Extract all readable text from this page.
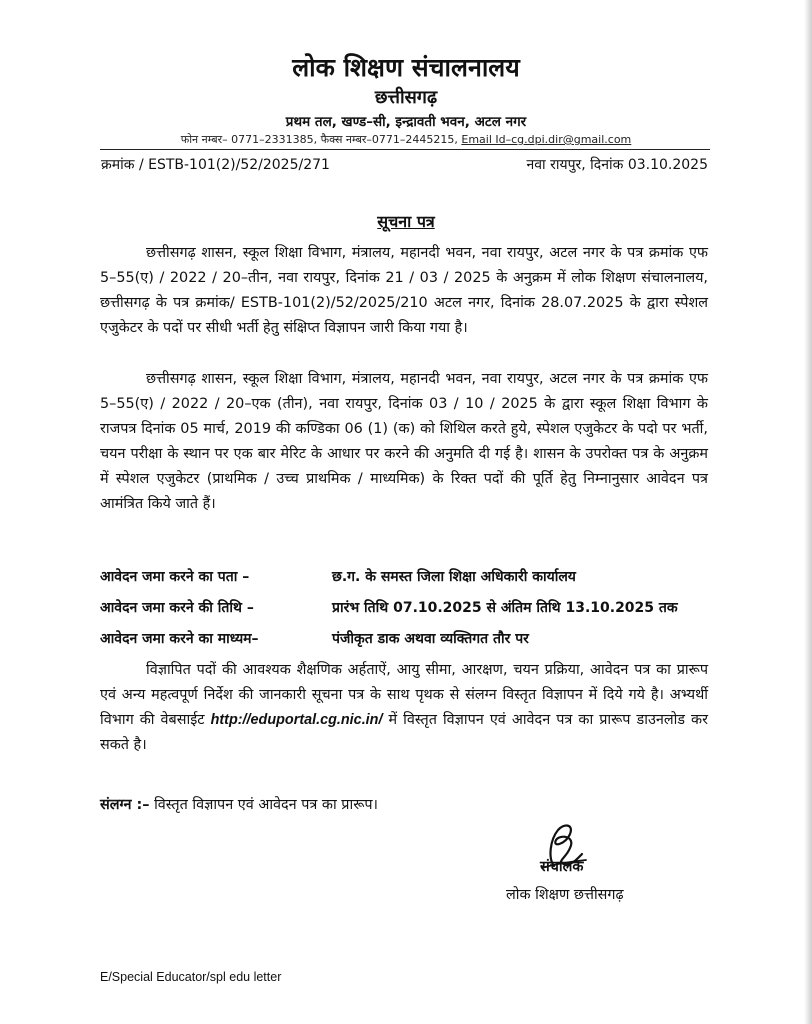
लोक शिक्षण संचालनालय
छत्तीसगढ़
प्रथम तल, खण्ड–सी, इन्द्रावती भवन, अटल नगर
फोन नम्बर– 0771–2331385, फैक्स नम्बर–0771–2445215, Email Id–cg.dpi.dir@gmail.com
क्रमांक / ESTB-101(2)/52/2025/271	नवा रायपुर, दिनांक 03.10.2025
सूचना पत्र

छत्तीसगढ़ शासन, स्कूल शिक्षा विभाग, मंत्रालय, महानदी भवन, नवा रायपुर, अटल नगर के पत्र क्रमांक एफ 5–55(ए) / 2022 / 20–तीन, नवा रायपुर, दिनांक 21 / 03 / 2025 के अनुक्रम में लोक शिक्षण संचालनालय, छत्तीसगढ़ के पत्र क्रमांक/ ESTB-101(2)/52/2025/210 अटल नगर, दिनांक 28.07.2025 के द्वारा स्पेशल एजुकेटर के पदों पर सीधी भर्ती हेतु संक्षिप्त विज्ञापन जारी किया गया है।

छत्तीसगढ़ शासन, स्कूल शिक्षा विभाग, मंत्रालय, महानदी भवन, नवा रायपुर, अटल नगर के पत्र क्रमांक एफ 5–55(ए) / 2022 / 20–एक (तीन), नवा रायपुर, दिनांक 03 / 10 / 2025 के द्वारा स्कूल शिक्षा विभाग के राजपत्र दिनांक 05 मार्च, 2019 की कण्डिका 06 (1) (क) को शिथिल करते हुये, स्पेशल एजुकेटर के पदो पर भर्ती, चयन परीक्षा के स्थान पर एक बार मेरिट के आधार पर करने की अनुमति दी गई है। शासन के उपरोक्त पत्र के अनुक्रम में स्पेशल एजुकेटर (प्राथमिक / उच्च प्राथमिक / माध्यमिक) के रिक्त पदों की पूर्ति हेतु निम्नानुसार आवेदन पत्र आमंत्रित किये जाते हैं।

आवेदन जमा करने का पता –	छ.ग. के समस्त जिला शिक्षा अधिकारी कार्यालय
आवेदन जमा करने की तिथि –	प्रारंभ तिथि 07.10.2025 से अंतिम तिथि 13.10.2025 तक
आवेदन जमा करने का माध्यम–	पंजीकृत डाक अथवा व्यक्तिगत तौर पर

विज्ञापित पदों की आवश्यक शैक्षणिक अर्हताऐं, आयु सीमा, आरक्षण, चयन प्रक्रिया, आवेदन पत्र का प्रारूप एवं अन्य महत्वपूर्ण निर्देश की जानकारी सूचना पत्र के साथ पृथक से संलग्न विस्तृत विज्ञापन में दिये गये है। अभ्यर्थी विभाग की वेबसाईट http://eduportal.cg.nic.in/ में विस्तृत विज्ञापन एवं आवेदन पत्र का प्रारूप डाउनलोड कर सकते है।

संलग्न :– विस्तृत विज्ञापन एवं आवेदन पत्र का प्रारूप।
संचालक
लोक शिक्षण छत्तीसगढ़
E/Special Educator/spl edu letter
